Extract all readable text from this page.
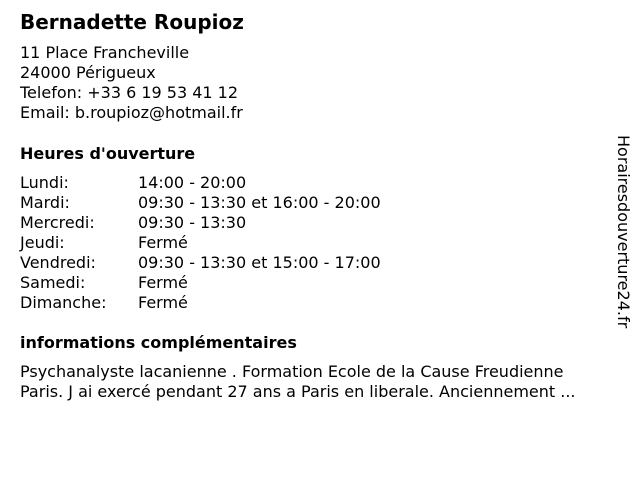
Bernadette Roupioz
11 Place Francheville
24000 Périgueux
Telefon: +33 6 19 53 41 12
Email: b.roupioz@hotmail.fr
Heures d'ouverture
Lundi:	14:00 - 20:00
Mardi:	09:30 - 13:30 et 16:00 - 20:00
Mercredi:	09:30 - 13:30
Jeudi:	Fermé
Vendredi:	09:30 - 13:30 et 15:00 - 17:00
Samedi:	Fermé
Dimanche:	Fermé
informations complémentaires
Psychanalyste lacanienne . Formation Ecole de la Cause Freudienne
Paris. J ai exercé pendant 27 ans a Paris en liberale. Anciennement ...
Horairesdouverture24.fr
